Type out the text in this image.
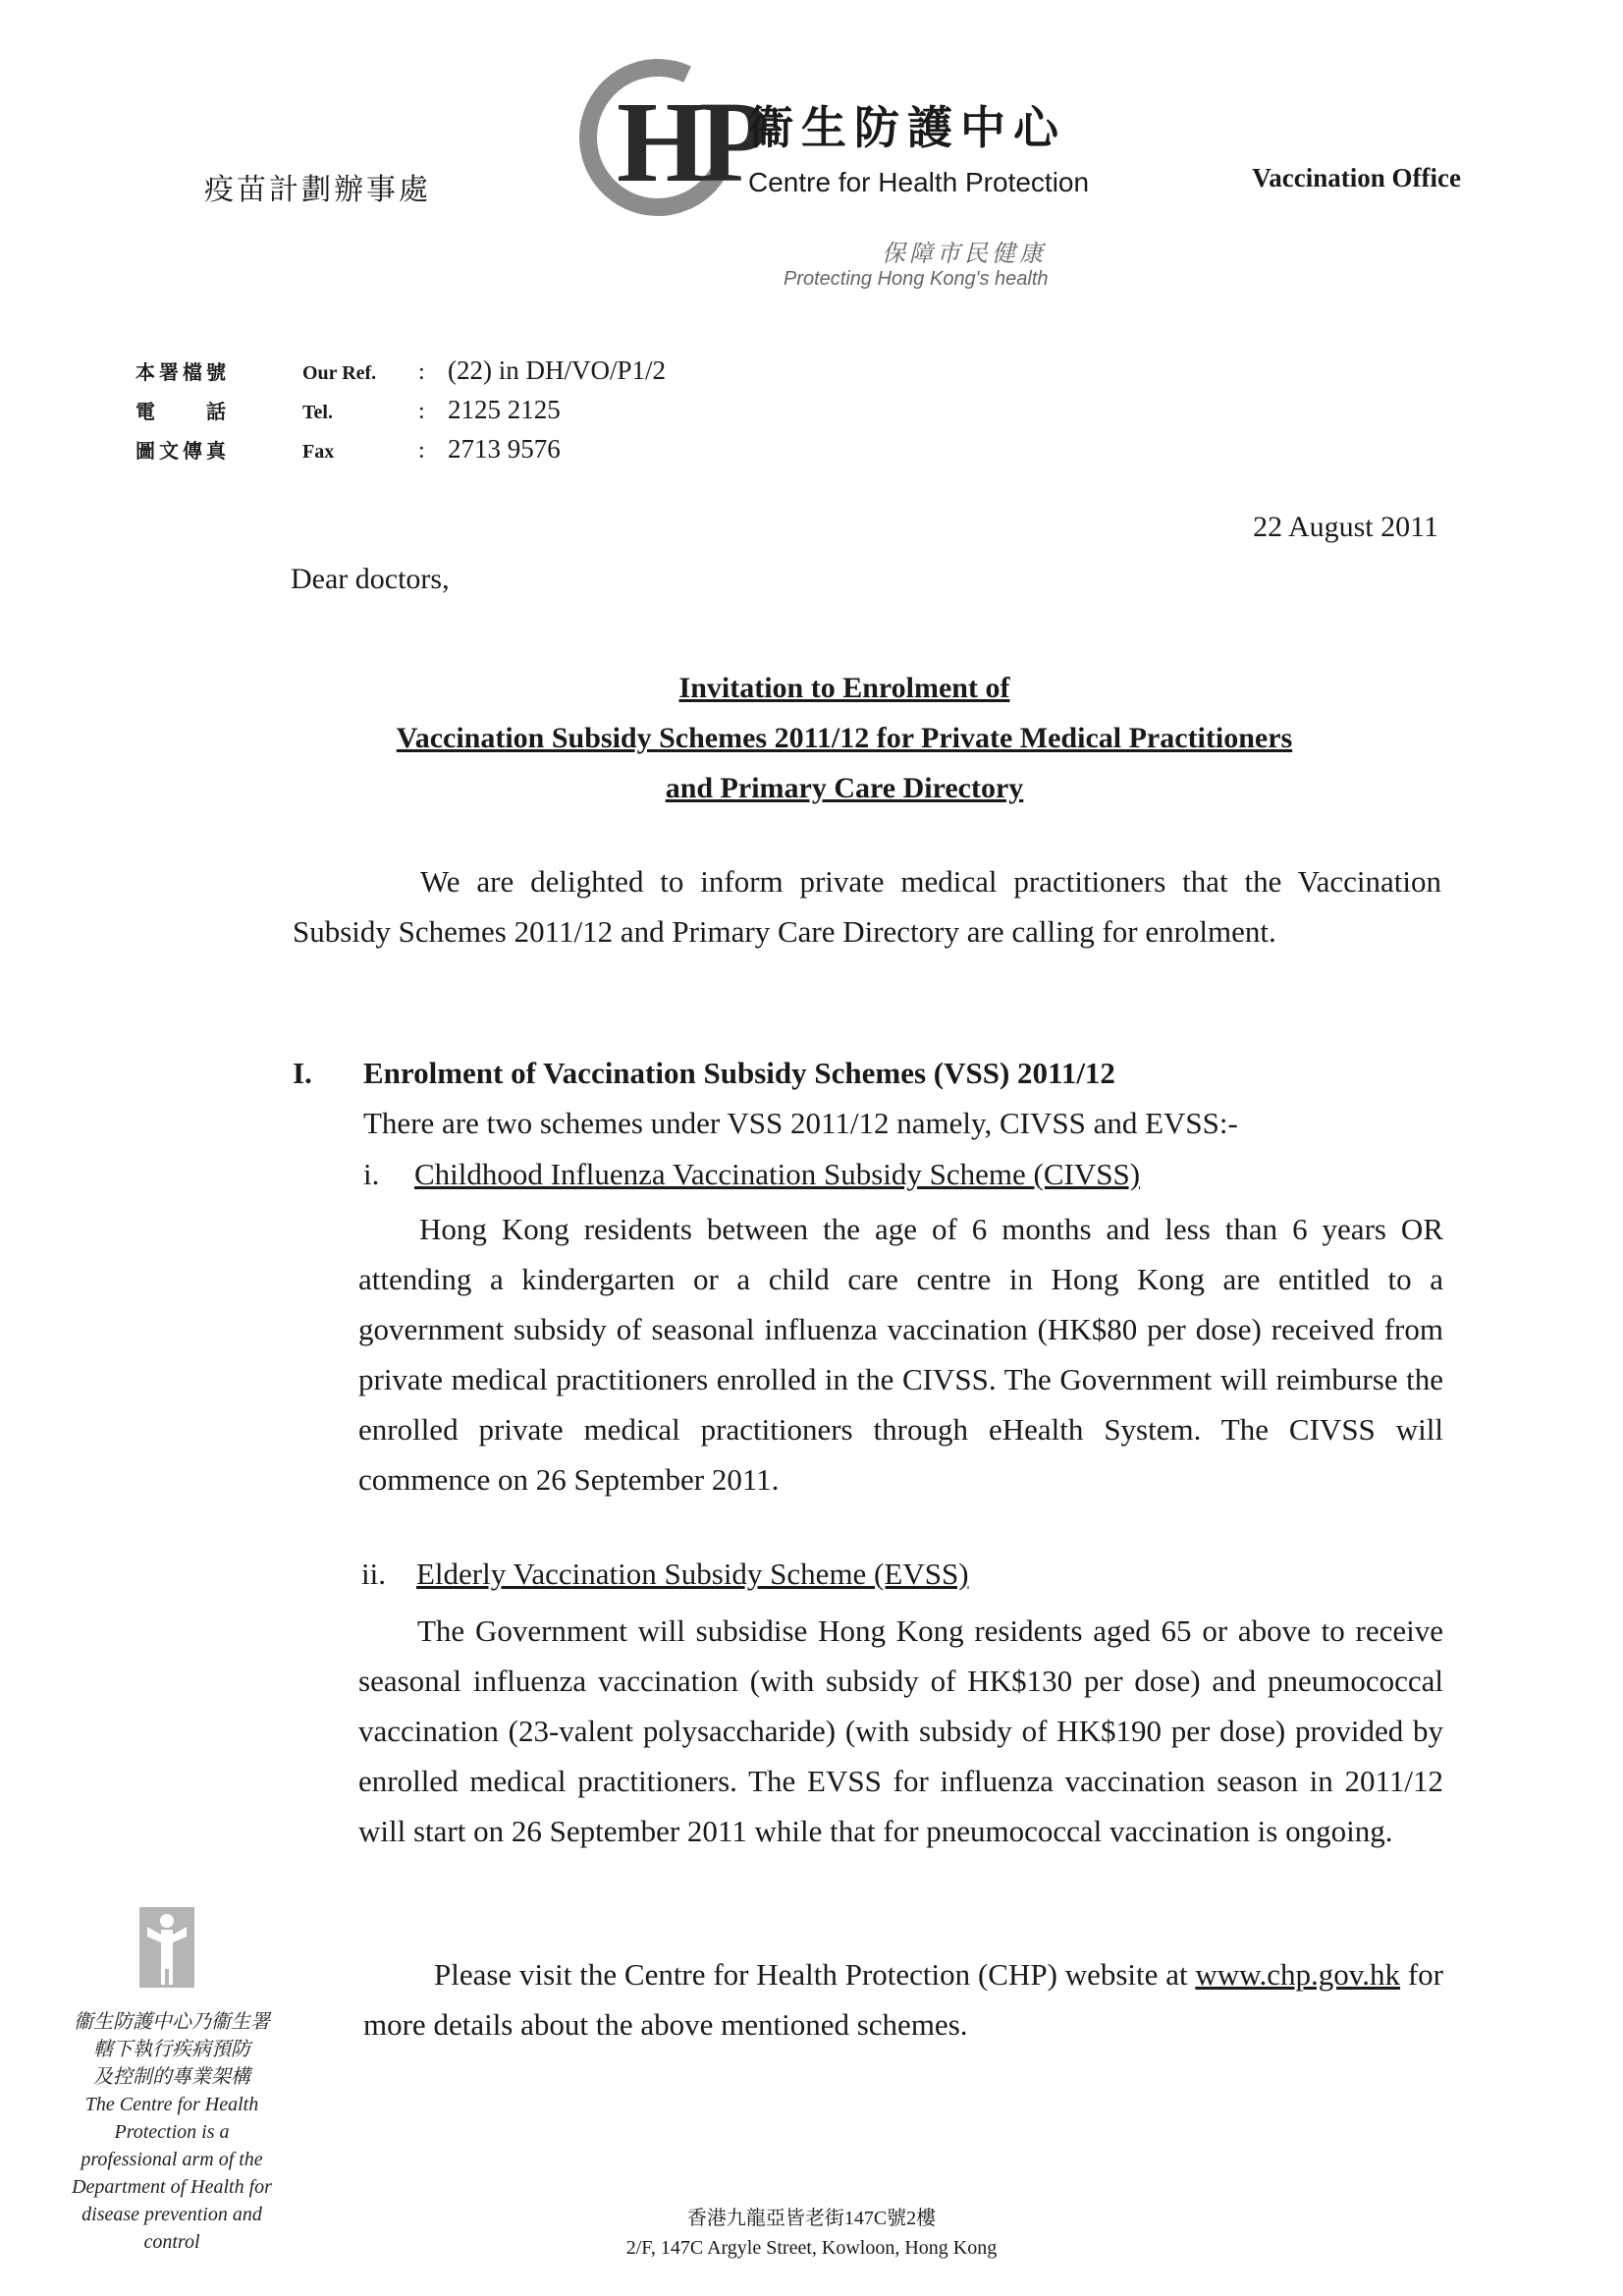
疫苗計劃辦事處 HP
衞生防護中心
Centre for Health Protection
保障市民健康
Protecting Hong Kong's health
Vaccination Office
本署檔號	Our Ref.	: (22) in DH/VO/P1/2
電　　話	Tel.	: 2125 2125
圖文傳真	Fax	: 2713 9576
22 August 2011
Dear doctors,
Invitation to Enrolment of
Vaccination Subsidy Schemes 2011/12 for Private Medical Practitioners
and Primary Care Directory
We are delighted to inform private medical practitioners that the Vaccination Subsidy Schemes 2011/12 and Primary Care Directory are calling for enrolment.
I. Enrolment of Vaccination Subsidy Schemes (VSS) 2011/12
There are two schemes under VSS 2011/12 namely, CIVSS and EVSS:-
i. Childhood Influenza Vaccination Subsidy Scheme (CIVSS)
Hong Kong residents between the age of 6 months and less than 6 years OR attending a kindergarten or a child care centre in Hong Kong are entitled to a government subsidy of seasonal influenza vaccination (HK$80 per dose) received from private medical practitioners enrolled in the CIVSS. The Government will reimburse the enrolled private medical practitioners through eHealth System. The CIVSS will commence on 26 September 2011.
ii. Elderly Vaccination Subsidy Scheme (EVSS)
The Government will subsidise Hong Kong residents aged 65 or above to receive seasonal influenza vaccination (with subsidy of HK$130 per dose) and pneumococcal vaccination (23-valent polysaccharide) (with subsidy of HK$190 per dose) provided by enrolled medical practitioners. The EVSS for influenza vaccination season in 2011/12 will start on 26 September 2011 while that for pneumococcal vaccination is ongoing.
Please visit the Centre for Health Protection (CHP) website at www.chp.gov.hk for more details about the above mentioned schemes.
衞生防護中心乃衞生署
轄下執行疾病預防
及控制的專業架構
The Centre for Health
Protection is a
professional arm of the
Department of Health for
disease prevention and
control
香港九龍亞皆老街147C號2樓
2/F, 147C Argyle Street, Kowloon, Hong Kong
